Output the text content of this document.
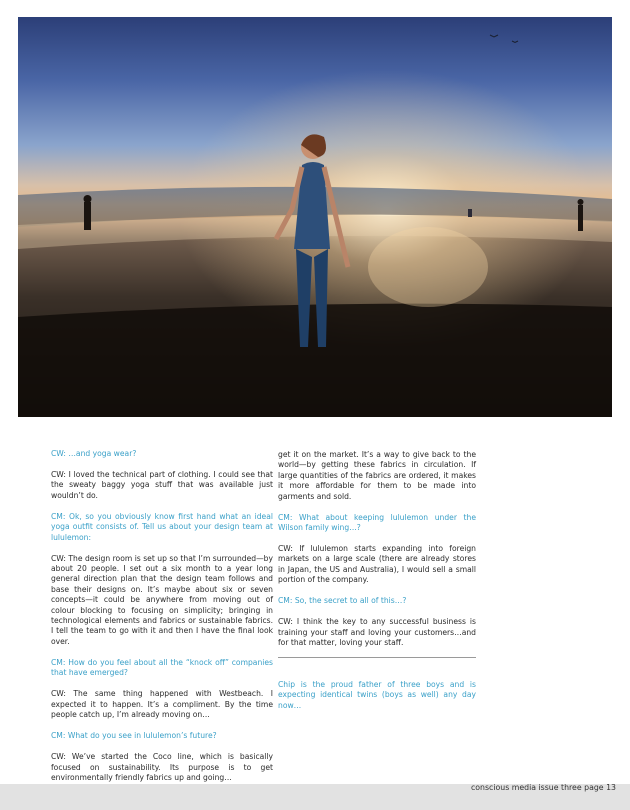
CW: …and yoga wear?

CW: I loved the technical part of clothing. I could see that the sweaty baggy yoga stuff that was available just wouldn’t do.

CM: Ok, so you obviously know first hand what an ideal yoga outfit consists of. Tell us about your design team at lululemon:

CW: The design room is set up so that I’m surrounded—by about 20 people. I set out a six month to a year long general direction plan that the design team follows and base their designs on. It’s maybe about six or seven concepts—it could be anywhere from moving out of colour blocking to focusing on simplicity; bringing in technological elements and fabrics or sustainable fabrics. I tell the team to go with it and then I have the final look over.

CM: How do you feel about all the “knock off” companies that have emerged?

CW: The same thing happened with Westbeach. I expected it to happen. It’s a compliment. By the time people catch up, I’m already moving on…

CM: What do you see in lululemon’s future?

CW: We’ve started the Coco line, which is basically focused on sustainability. Its purpose is to get environmentally friendly fabrics up and going…

get it on the market. It’s a way to give back to the world—by getting these fabrics in circulation. If large quantities of the fabrics are ordered, it makes it more affordable for them to be made into garments and sold.

CM: What about keeping lululemon under the Wilson family wing…?

CW: If lululemon starts expanding into foreign markets on a large scale (there are already stores in Japan, the US and Australia), I would sell a small portion of the company.

CM: So, the secret to all of this…?

CW: I think the key to any successful business is training your staff and loving your customers…and for that matter, loving your staff.

Chip is the proud father of three boys and is expecting identical twins (boys as well) any day now…

conscious media issue three page 13
